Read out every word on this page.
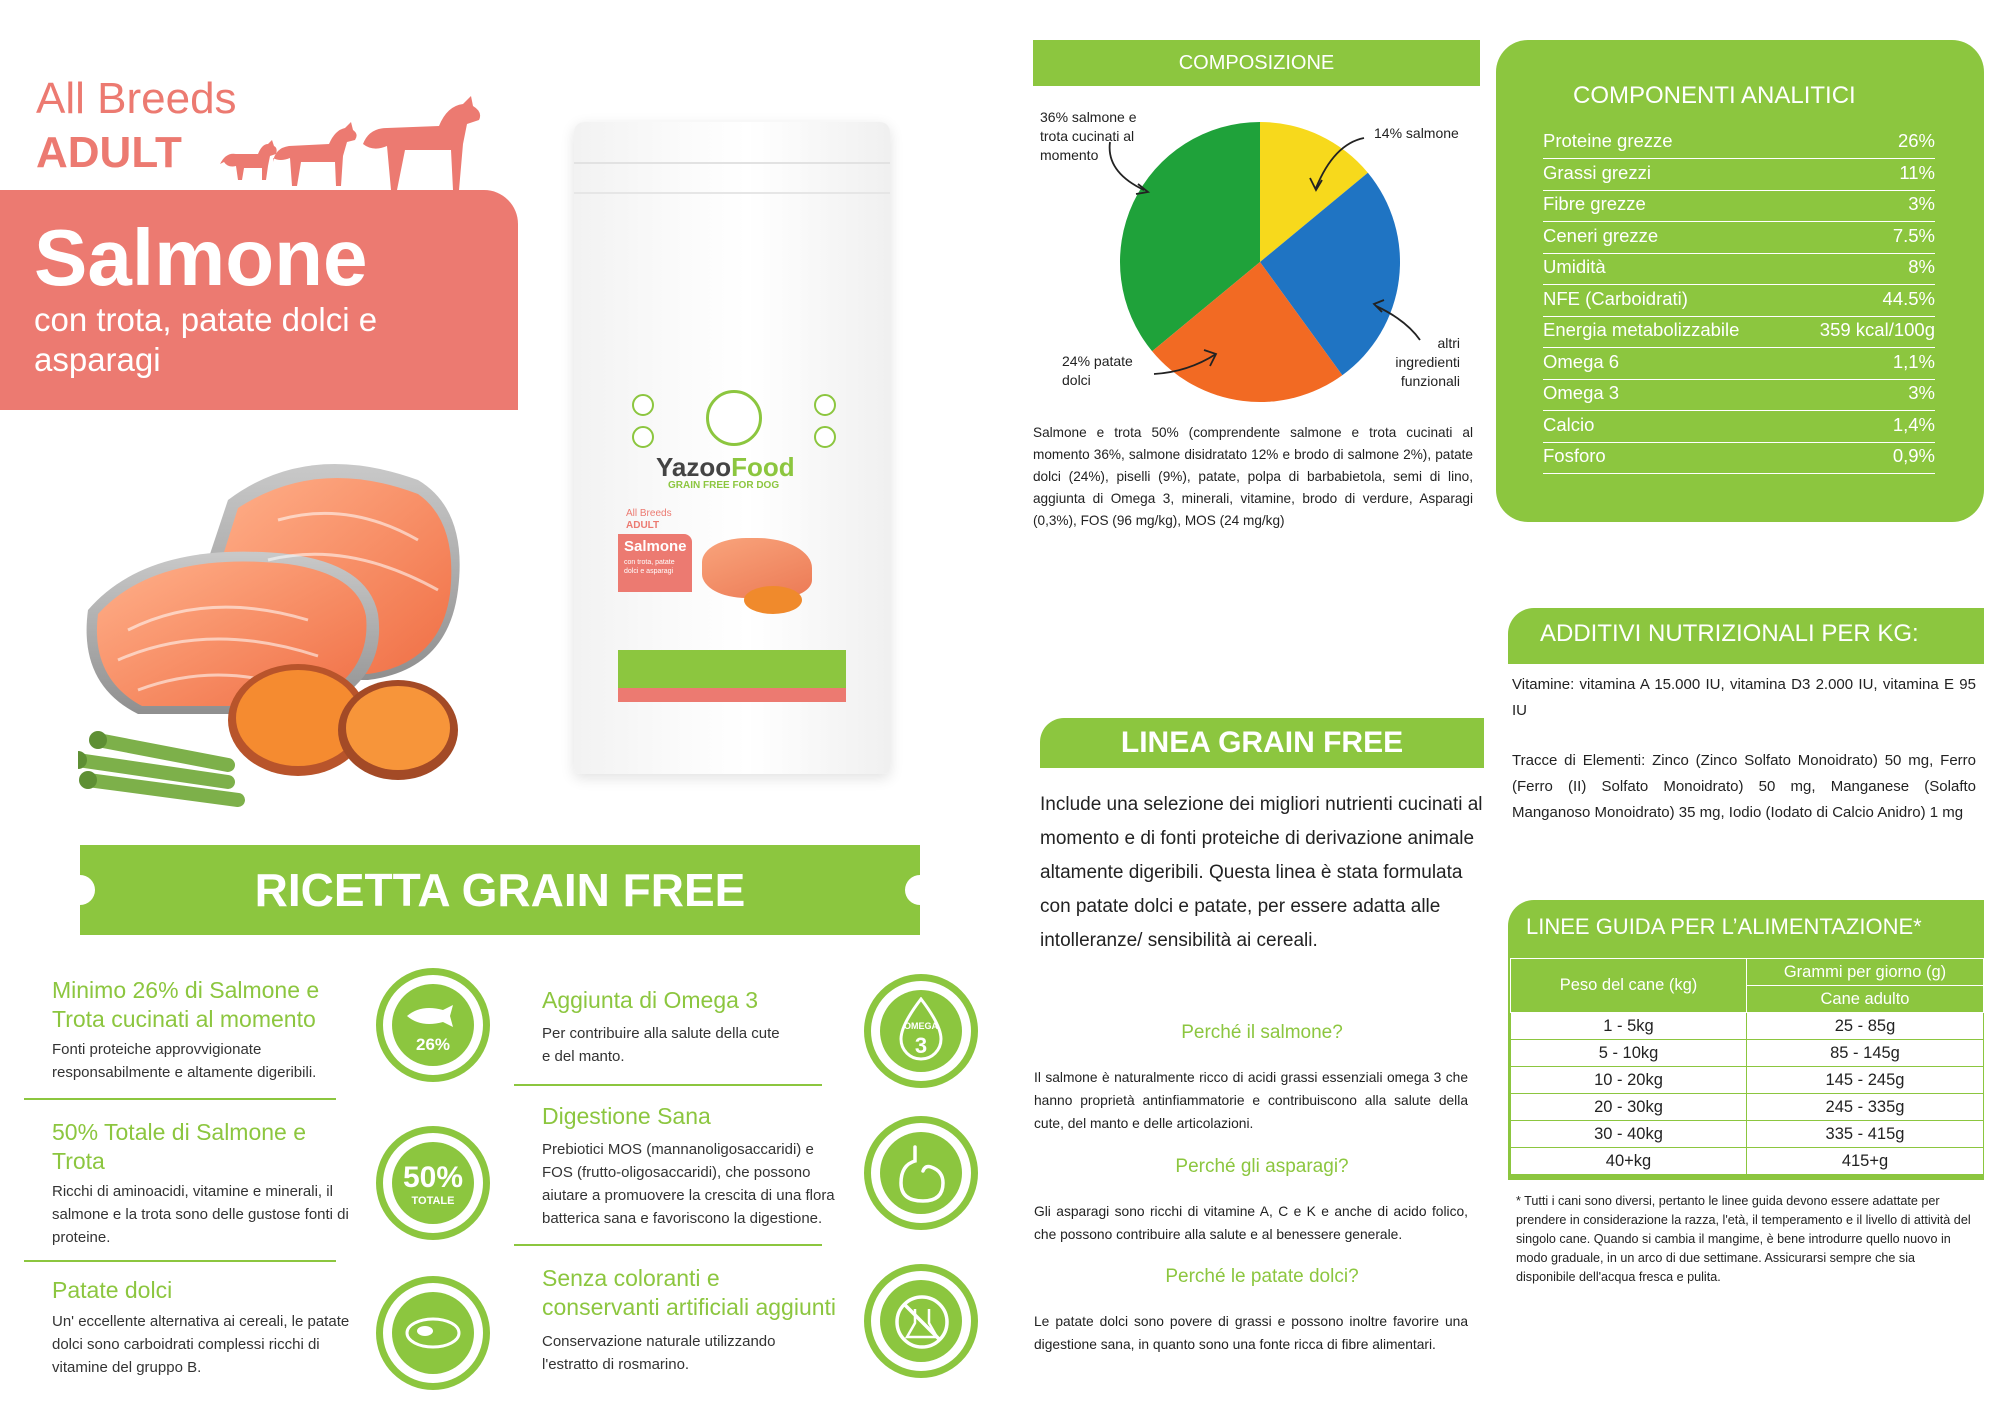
All Breeds
ADULT
Salmone
con trota, patate dolci e asparagi
YazooFood
GRAIN FREE FOR DOG
All Breeds
ADULT
Salmone
con trota, patate dolci e asparagi
RICETTA GRAIN FREE
Minimo 26% di Salmone e Trota cucinati al momento
Fonti proteiche approvvigionate responsabilmente e altamente digeribili.
50% Totale di Salmone e Trota
Ricchi di aminoacidi, vitamine e minerali, il salmone e la trota sono delle gustose fonti di proteine.
Patate dolci
Un' eccellente alternativa ai cereali, le patate dolci sono carboidrati complessi ricchi di vitamine del gruppo B.
26%
50%
TOTALE
Aggiunta di Omega 3
Per contribuire alla salute della cute e del manto.
Digestione Sana
Prebiotici MOS (mannanoligosaccaridi) e FOS (frutto-oligosaccaridi), che possono aiutare a promuovere la crescita di una flora batterica sana e favoriscono la digestione.
Senza coloranti e conservanti artificiali aggiunti
Conservazione naturale utilizzando l'estratto di rosmarino.
OMEGA
3
COMPOSIZIONE
36% salmone e trota cucinati al momento
14% salmone
altri ingredienti funzionali
24% patate dolci
Salmone e trota 50% (comprendente salmone e trota cucinati al momento 36%, salmone disidratato 12% e brodo di salmone 2%), patate dolci (24%), piselli (9%), patate, polpa di barbabietola, semi di lino, aggiunta di Omega 3, minerali, vitamine, brodo di verdure, Asparagi (0,3%), FOS (96 mg/kg), MOS (24 mg/kg)
COMPONENTI ANALITICI
Proteine grezze	26%
Grassi grezzi	11%
Fibre grezze	3%
Ceneri grezze	7.5%
Umidità	8%
NFE (Carboidrati)	44.5%
Energia metabolizzabile	359 kcal/100g
Omega 6	1,1%
Omega 3	3%
Calcio	1,4%
Fosforo	0,9%
ADDITIVI NUTRIZIONALI PER KG:
Vitamine: vitamina A 15.000 IU, vitamina D3 2.000 IU, vitamina E 95 IU
Tracce di Elementi: Zinco (Zinco Solfato Monoidrato) 50 mg, Ferro (Ferro (II) Solfato Monoidrato) 50 mg, Manganese (Solafto Manganoso Monoidrato) 35 mg, Iodio (Iodato di Calcio Anidro) 1 mg
LINEA GRAIN FREE
Include una selezione dei migliori nutrienti cucinati al momento e di fonti proteiche di derivazione animale altamente digeribili. Questa linea è stata formulata con patate dolci e patate, per essere adatta alle intolleranze/ sensibilità ai cereali.
Perché il salmone?
Il salmone è naturalmente ricco di acidi grassi essenziali omega 3 che hanno proprietà antinfiammatorie e contribuiscono alla salute della cute, del manto e delle articolazioni.
Perché gli asparagi?
Gli asparagi sono ricchi di vitamine A, C e K e anche di acido folico, che possono contribuire alla salute e al benessere generale.
Perché le patate dolci?
Le patate dolci sono povere di grassi e possono inoltre favorire una digestione sana, in quanto sono una fonte ricca di fibre alimentari.
LINEE GUIDA PER L’ALIMENTAZIONE*
Peso del cane (kg)	Grammi per giorno (g)
	Cane adulto
1 - 5kg	25 - 85g
5 - 10kg	85 - 145g
10 - 20kg	145 - 245g
20 - 30kg	245 - 335g
30 - 40kg	335 - 415g
40+kg	415+g
* Tutti i cani sono diversi, pertanto le linee guida devono essere adattate per prendere in considerazione la razza, l'età, il temperamento e il livello di attività del singolo cane. Quando si cambia il mangime, è bene introdurre quello nuovo in modo graduale, in un arco di due settimane. Assicurarsi sempre che sia disponibile dell'acqua fresca e pulita.
